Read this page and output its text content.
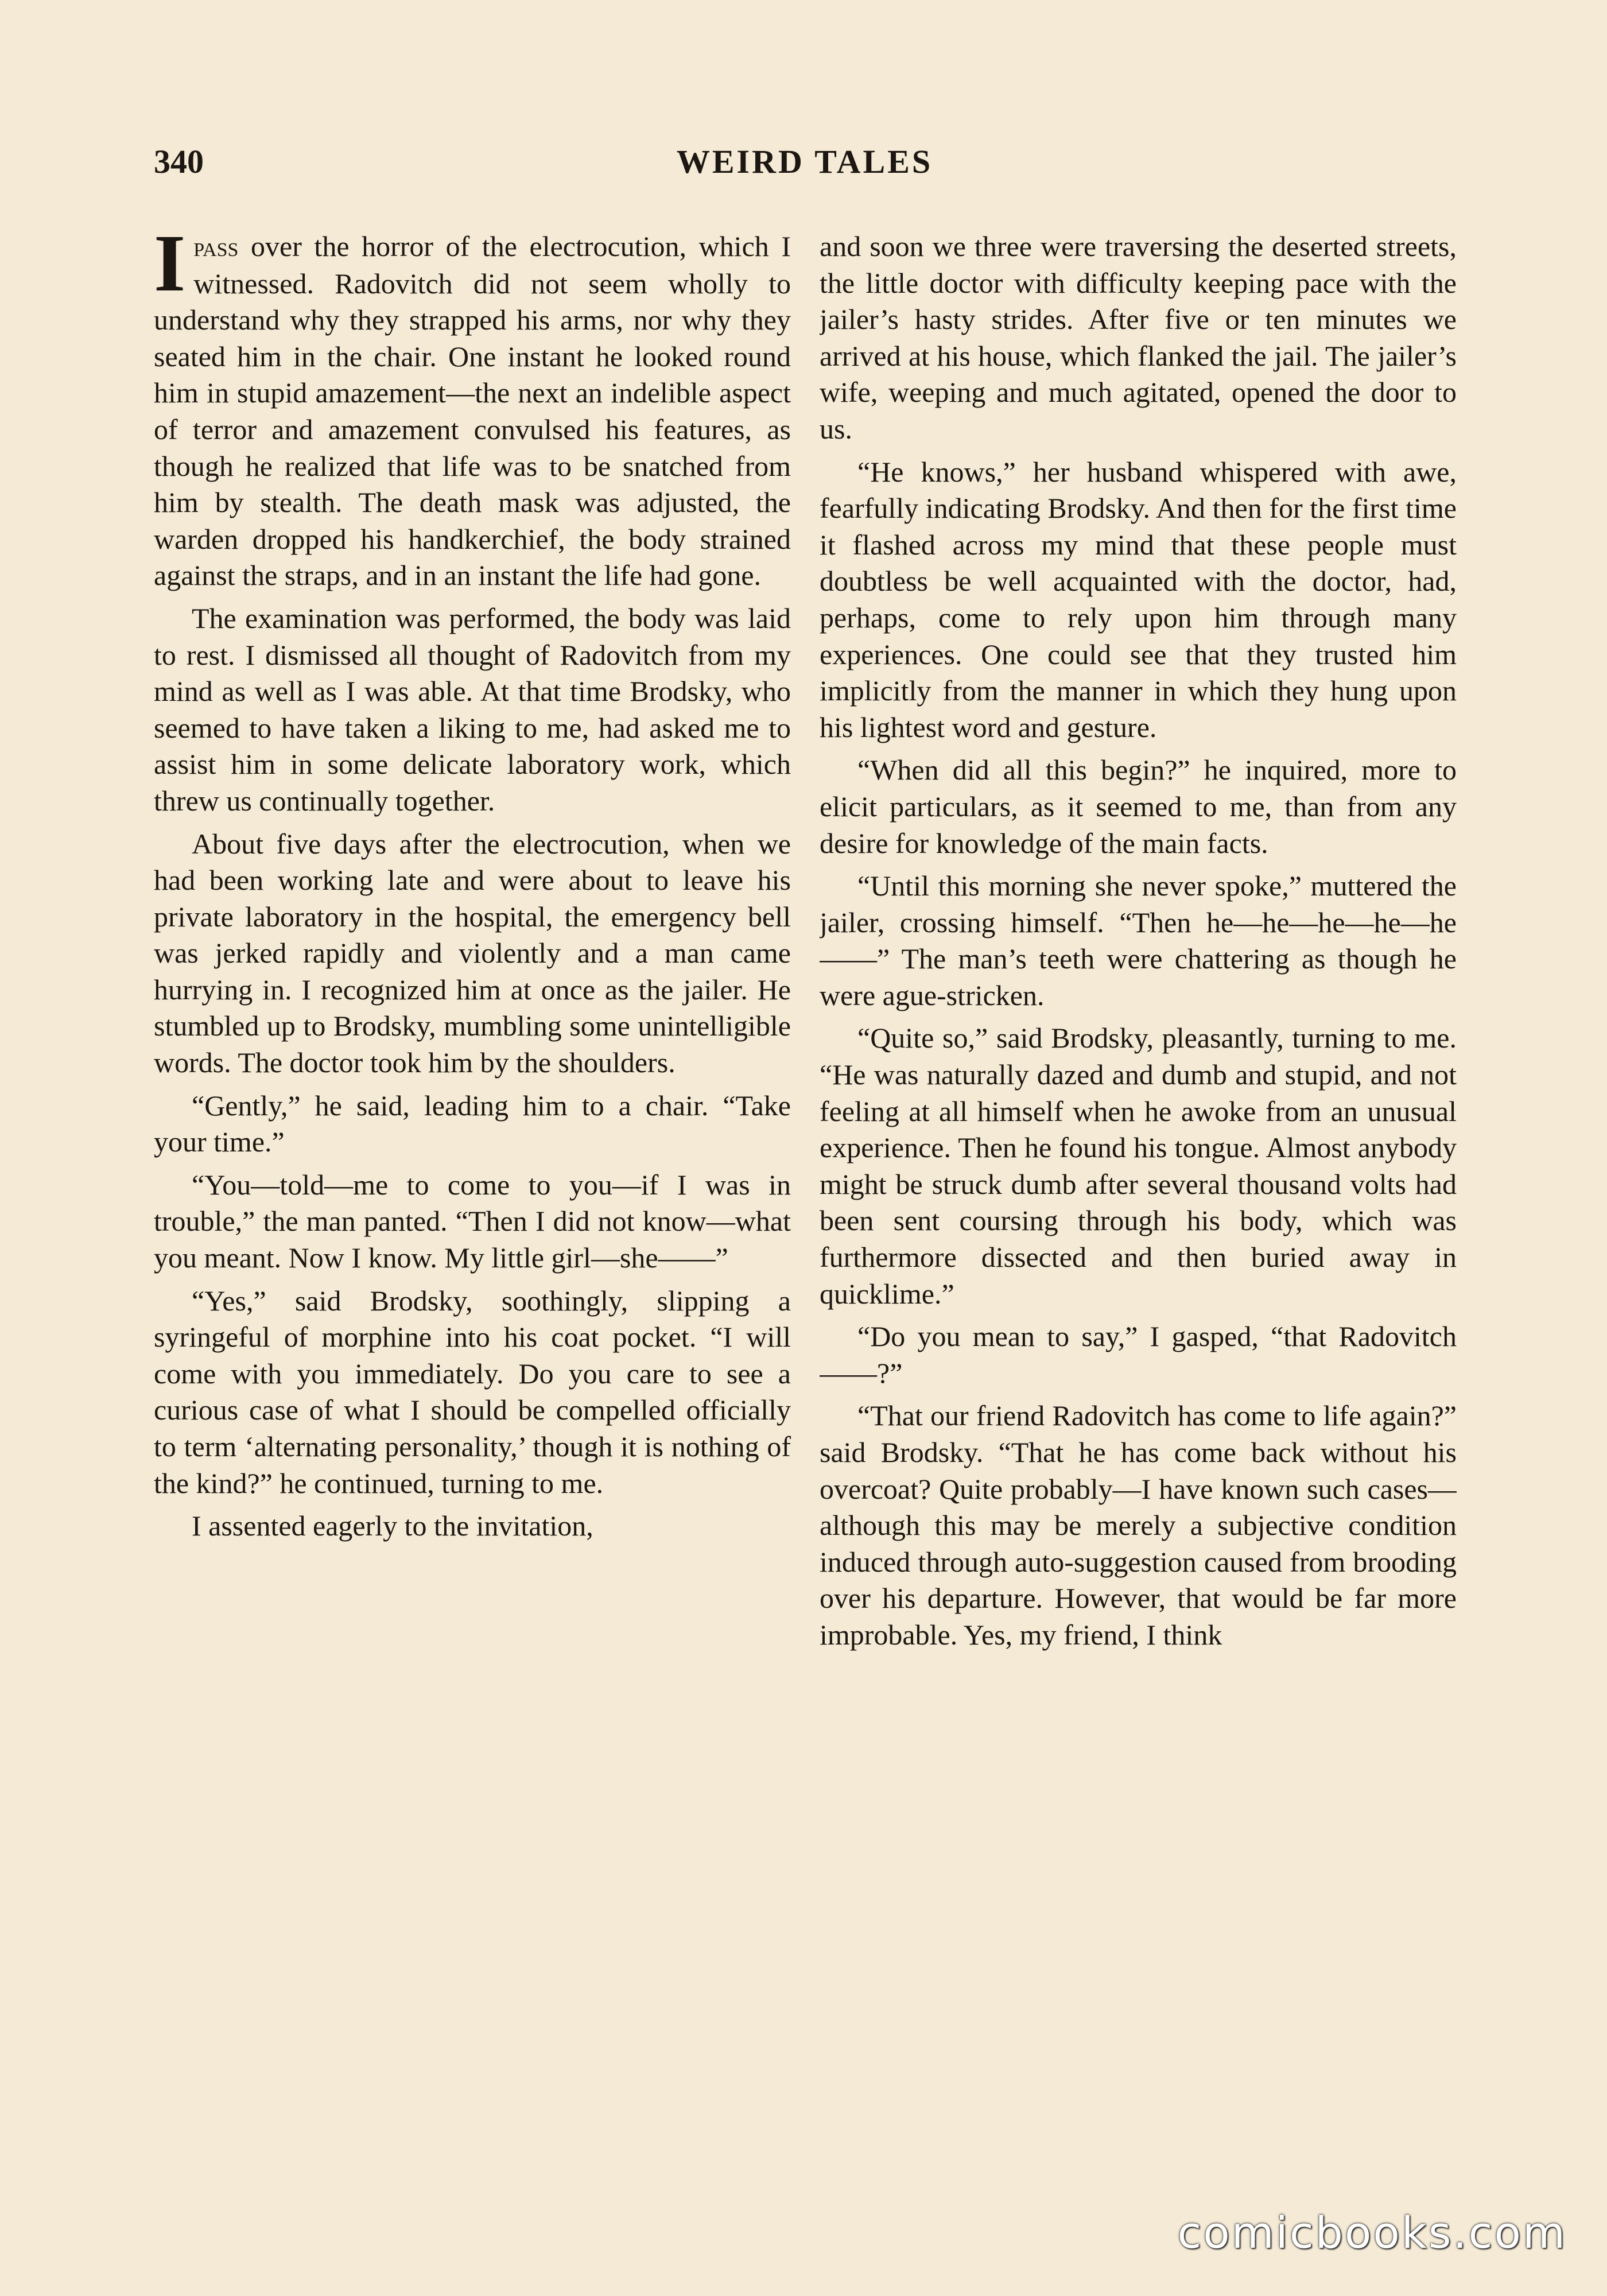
340	WEIRD TALES

Ipass over the horror of the electrocution, which I witnessed. Radovitch did not seem wholly to understand why they strapped his arms, nor why they seated him in the chair. One instant he looked round him in stupid amazement—the next an indelible aspect of terror and amazement convulsed his features, as though he realized that life was to be snatched from him by stealth. The death mask was adjusted, the warden dropped his handkerchief, the body strained against the straps, and in an instant the life had gone.

The examination was performed, the body was laid to rest. I dismissed all thought of Radovitch from my mind as well as I was able. At that time Brodsky, who seemed to have taken a liking to me, had asked me to assist him in some delicate laboratory work, which threw us continually together.

About five days after the electrocution, when we had been working late and were about to leave his private laboratory in the hospital, the emergency bell was jerked rapidly and violently and a man came hurrying in. I recognized him at once as the jailer. He stumbled up to Brodsky, mumbling some unintelligible words. The doctor took him by the shoulders.

“Gently,” he said, leading him to a chair. “Take your time.”

“You—told—me to come to you—if I was in trouble,” the man panted. “Then I did not know—what you meant. Now I know. My little girl—she——”

“Yes,” said Brodsky, soothingly, slipping a syringeful of morphine into his coat pocket. “I will come with you immediately. Do you care to see a curious case of what I should be compelled officially to term ‘alternating personality,’ though it is nothing of the kind?” he continued, turning to me.

I assented eagerly to the invitation,

and soon we three were traversing the deserted streets, the little doctor with difficulty keeping pace with the jailer’s hasty strides. After five or ten minutes we arrived at his house, which flanked the jail. The jailer’s wife, weeping and much agitated, opened the door to us.

“He knows,” her husband whispered with awe, fearfully indicating Brodsky. And then for the first time it flashed across my mind that these people must doubtless be well acquainted with the doctor, had, perhaps, come to rely upon him through many experiences. One could see that they trusted him implicitly from the manner in which they hung upon his lightest word and gesture.

“When did all this begin?” he inquired, more to elicit particulars, as it seemed to me, than from any desire for knowledge of the main facts.

“Until this morning she never spoke,” muttered the jailer, crossing himself. “Then he—he—he—he—he——” The man’s teeth were chattering as though he were ague-stricken.

“Quite so,” said Brodsky, pleasantly, turning to me. “He was naturally dazed and dumb and stupid, and not feeling at all himself when he awoke from an unusual experience. Then he found his tongue. Almost anybody might be struck dumb after several thousand volts had been sent coursing through his body, which was furthermore dissected and then buried away in quicklime.”

“Do you mean to say,” I gasped, “that Radovitch——?”

“That our friend Radovitch has come to life again?” said Brodsky. “That he has come back without his overcoat? Quite probably—I have known such cases—although this may be merely a subjective condition induced through auto-suggestion caused from brooding over his departure. However, that would be far more improbable. Yes, my friend, I think

comicbooks.com
